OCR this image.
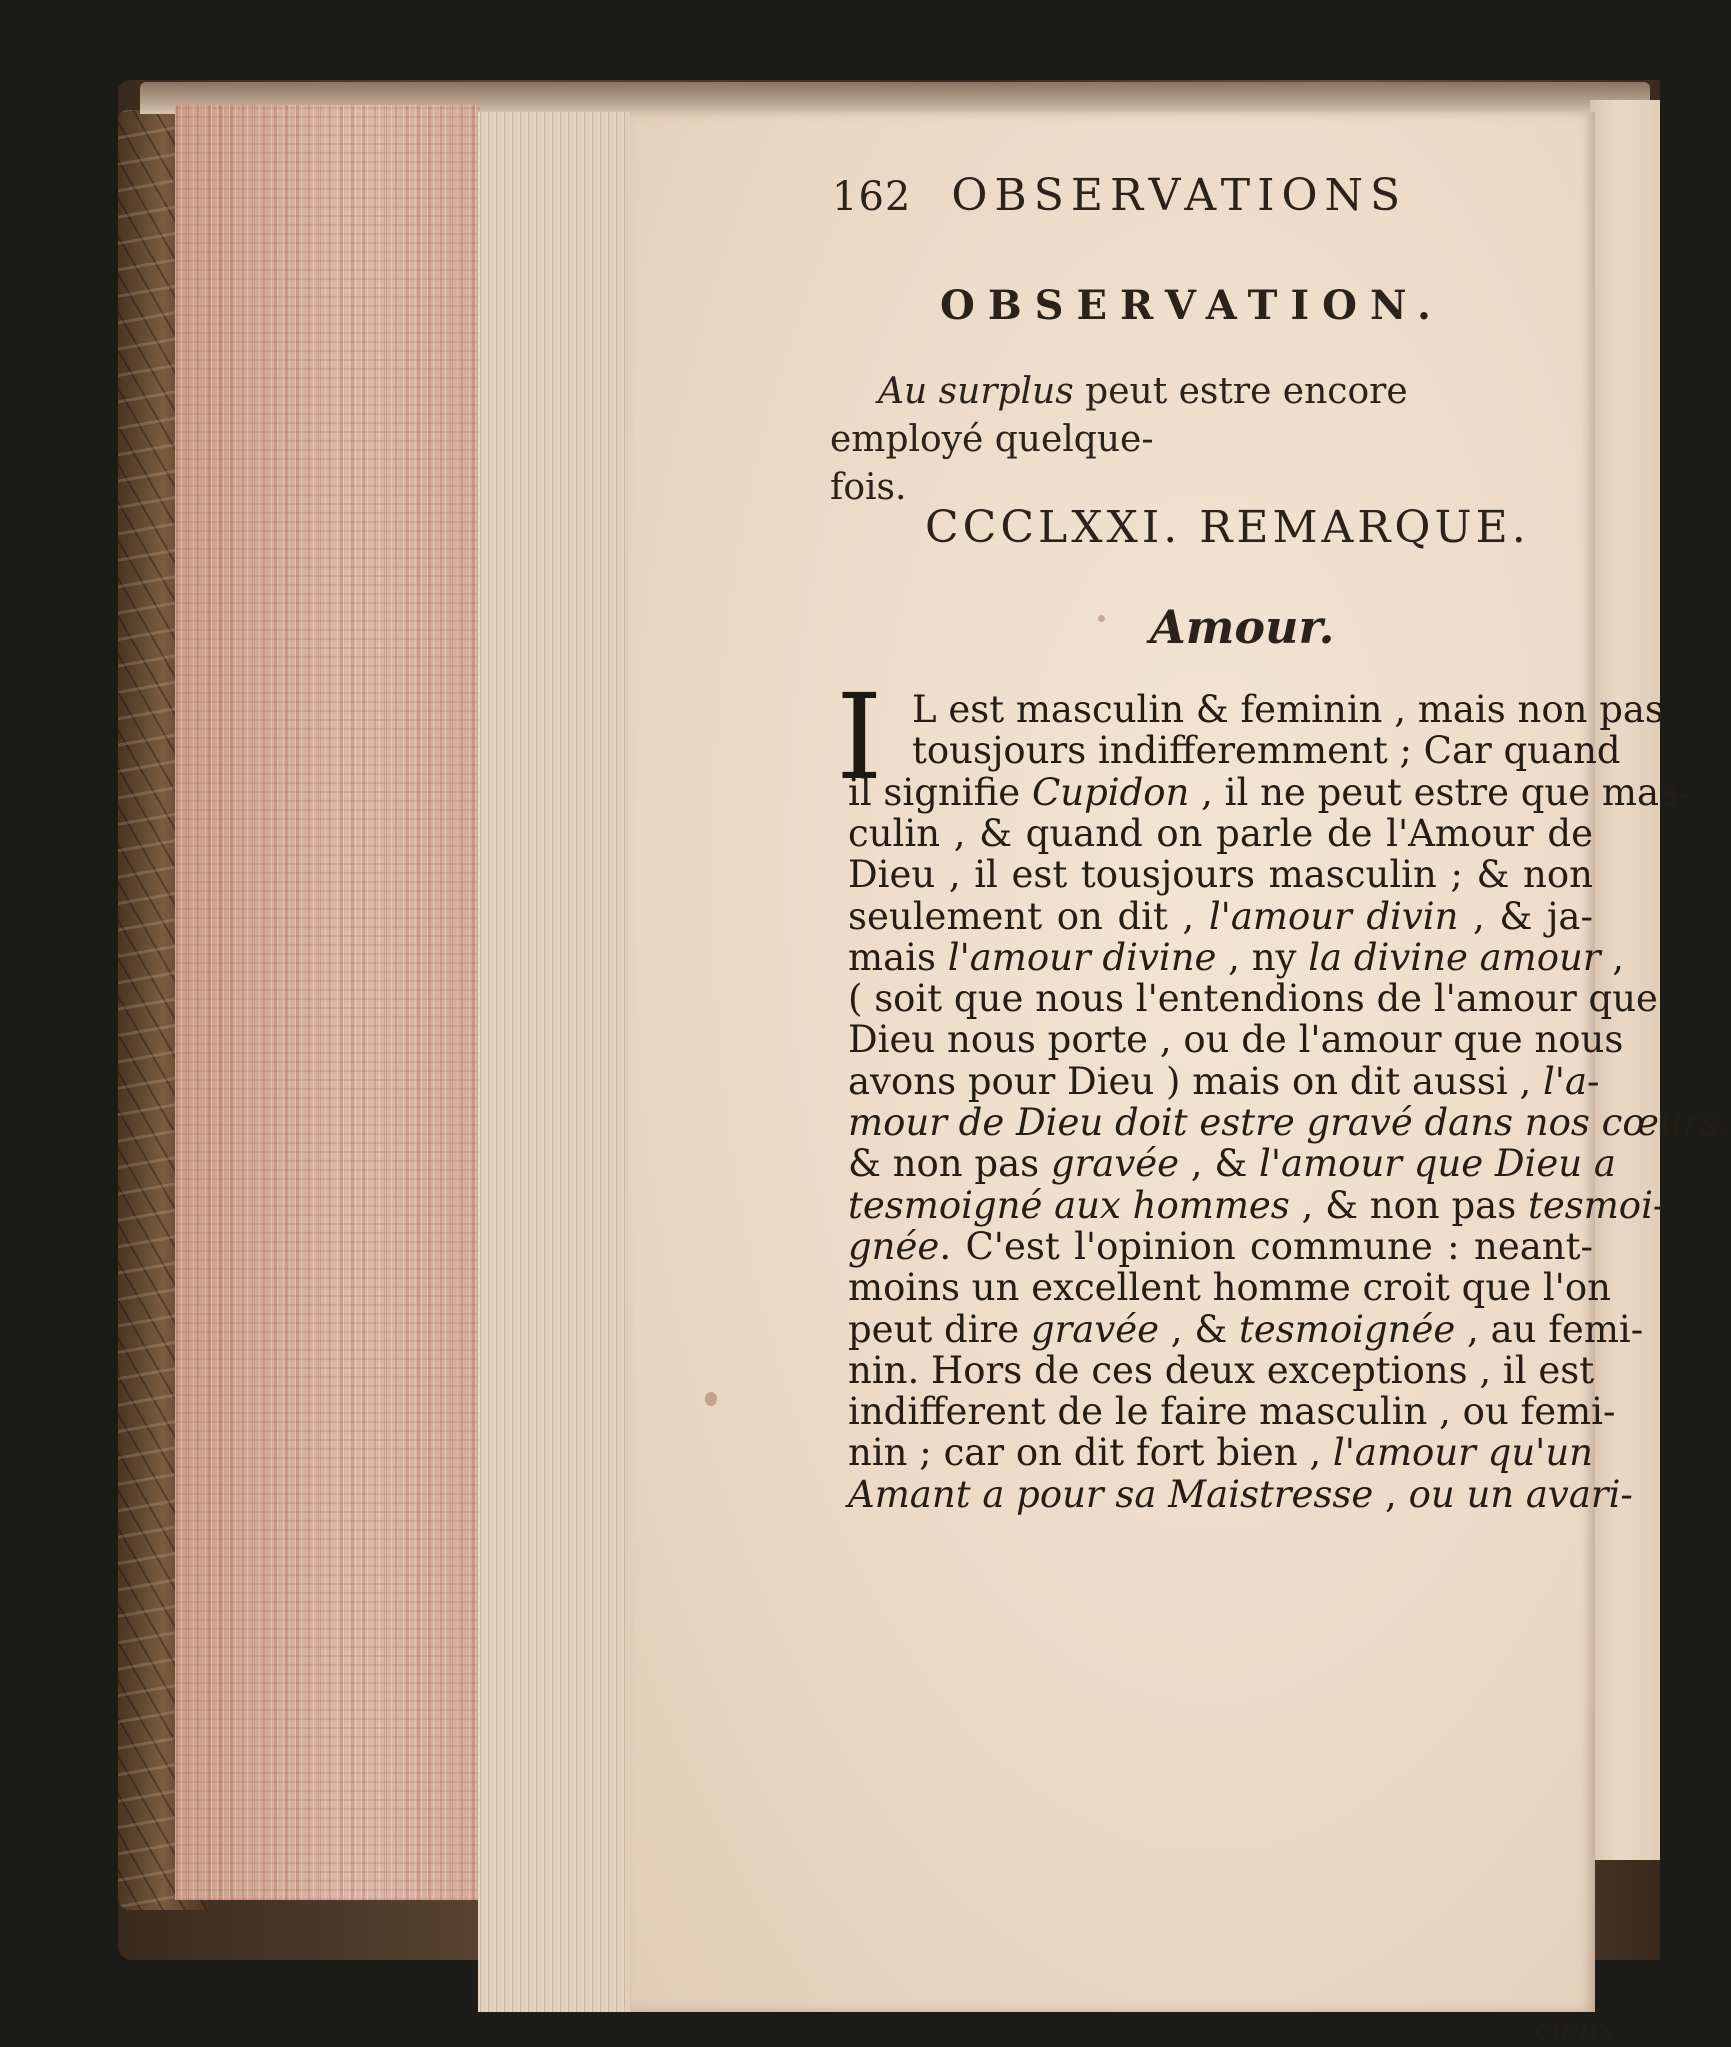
162 OBSERVATIONS
OBSERVATION.
Au surplus peut estre encore employé quelque-
fois.
CCCLXXI. REMARQUE.
Amour.
I L est masculin & feminin , mais non pas
tousjours indifferemment ; Car quand
il signifie Cupidon , il ne peut estre que mas-
culin , & quand on parle de l'Amour de
Dieu , il est tousjours masculin ; & non
seulement on dit , l'amour divin , & ja-
mais l'amour divine , ny la divine amour ,
( soit que nous l'entendions de l'amour que
Dieu nous porte , ou de l'amour que nous
avons pour Dieu ) mais on dit aussi , l'a-
mour de Dieu doit estre gravé dans nos cœurs,
& non pas gravée , & l'amour que Dieu a
tesmoigné aux hommes , & non pas tesmoi-
gnée. C'est l'opinion commune : neant-
moins un excellent homme croit que l'on
peut dire gravée , & tesmoignée , au femi-
nin. Hors de ces deux exceptions , il est
indifferent de le faire masculin , ou femi-
nin ; car on dit fort bien , l'amour qu'un
Amant a pour sa Maistresse , ou un avari-
cieux
